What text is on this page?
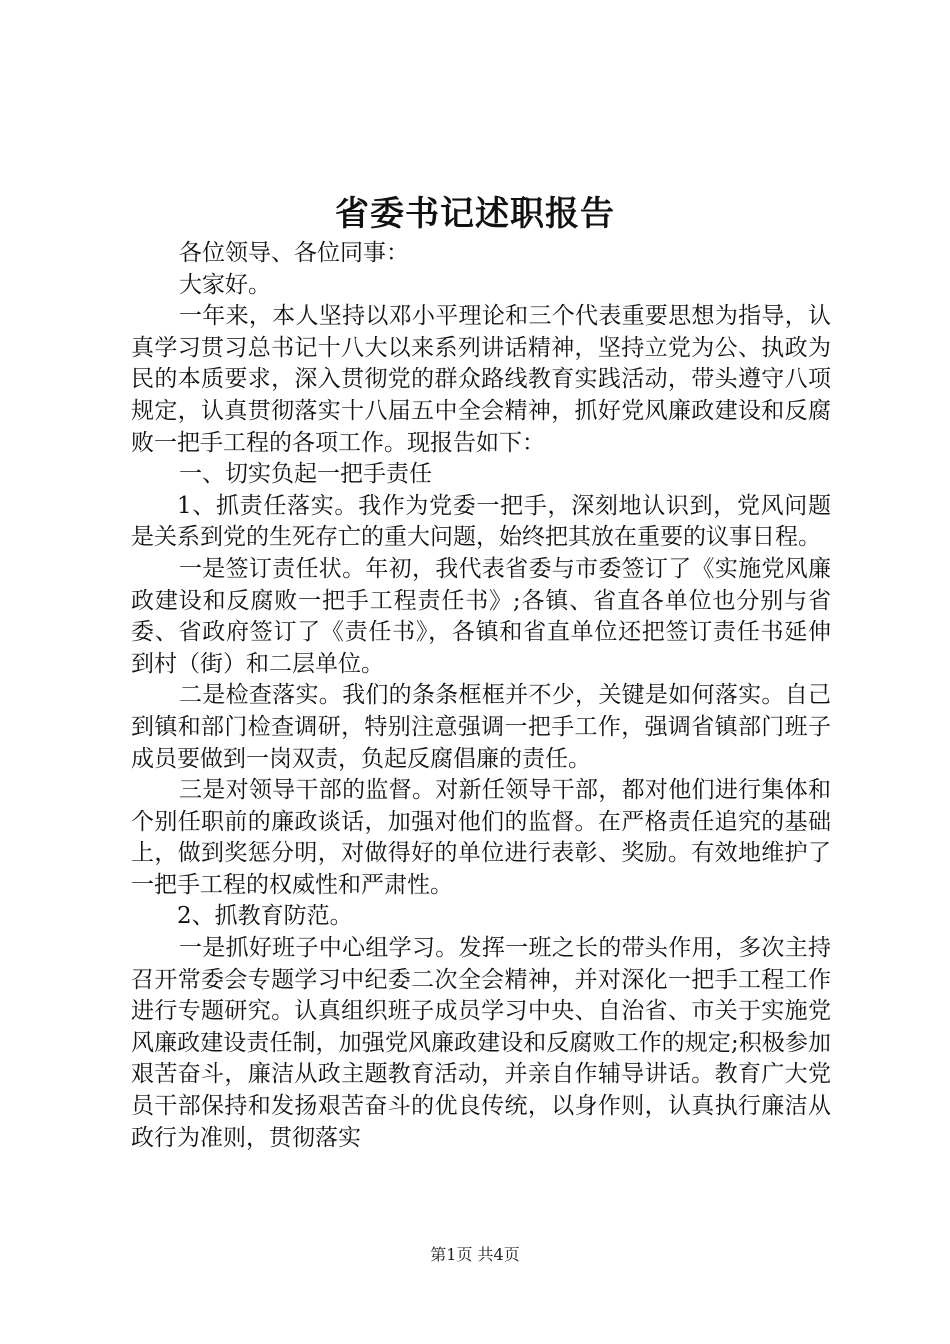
省委书记述职报告

各位领导、各位同事：

大家好。

一年来，本人坚持以邓小平理论和三个代表重要思想为指导，认真学习贯习总书记十八大以来系列讲话精神，坚持立党为公、执政为民的本质要求，深入贯彻党的群众路线教育实践活动，带头遵守八项规定，认真贯彻落实十八届五中全会精神，抓好党风廉政建设和反腐败一把手工程的各项工作。现报告如下：

一、切实负起一把手责任

1、抓责任落实。我作为党委一把手，深刻地认识到，党风问题是关系到党的生死存亡的重大问题，始终把其放在重要的议事日程。

一是签订责任状。年初，我代表省委与市委签订了《实施党风廉政建设和反腐败一把手工程责任书》;各镇、省直各单位也分别与省委、省政府签订了《责任书》，各镇和省直单位还把签订责任书延伸到村（街）和二层单位。

二是检查落实。我们的条条框框并不少，关键是如何落实。自己到镇和部门检查调研，特别注意强调一把手工作，强调省镇部门班子成员要做到一岗双责，负起反腐倡廉的责任。

三是对领导干部的监督。对新任领导干部，都对他们进行集体和个别任职前的廉政谈话，加强对他们的监督。在严格责任追究的基础上，做到奖惩分明，对做得好的单位进行表彰、奖励。有效地维护了一把手工程的权威性和严肃性。

2、抓教育防范。

一是抓好班子中心组学习。发挥一班之长的带头作用，多次主持召开常委会专题学习中纪委二次全会精神，并对深化一把手工程工作进行专题研究。认真组织班子成员学习中央、自治省、市关于实施党风廉政建设责任制，加强党风廉政建设和反腐败工作的规定;积极参加艰苦奋斗，廉洁从政主题教育活动，并亲自作辅导讲话。教育广大党员干部保持和发扬艰苦奋斗的优良传统，以身作则，认真执行廉洁从政行为准则，贯彻落实

第1页 共4页
